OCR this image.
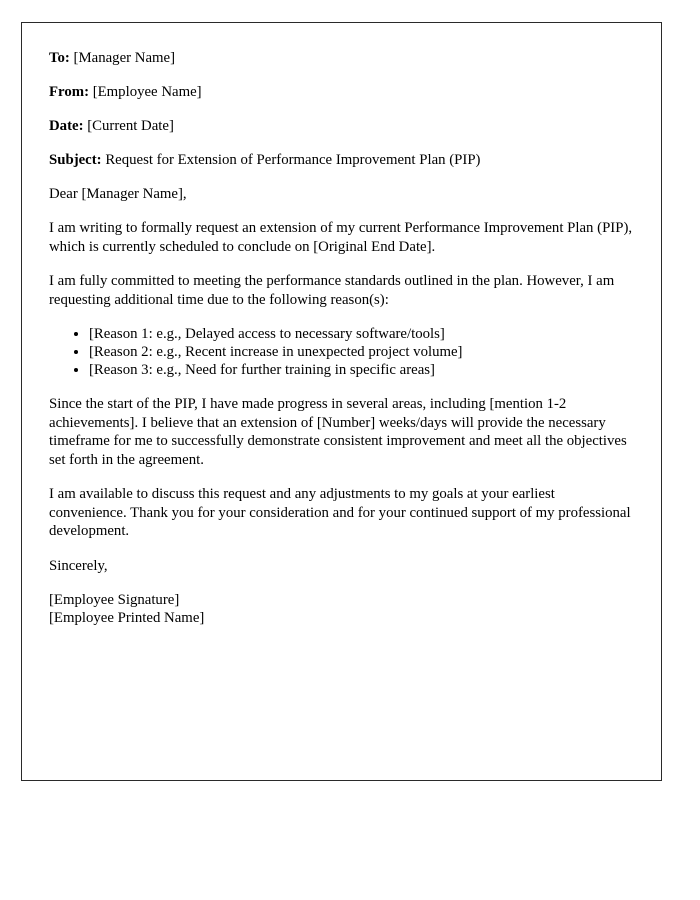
To: [Manager Name]

From: [Employee Name]

Date: [Current Date]

Subject: Request for Extension of Performance Improvement Plan (PIP)

Dear [Manager Name],

I am writing to formally request an extension of my current Performance Improvement Plan (PIP), which is currently scheduled to conclude on [Original End Date].

I am fully committed to meeting the performance standards outlined in the plan. However, I am requesting additional time due to the following reason(s):

• [Reason 1: e.g., Delayed access to necessary software/tools]
• [Reason 2: e.g., Recent increase in unexpected project volume]
• [Reason 3: e.g., Need for further training in specific areas]

Since the start of the PIP, I have made progress in several areas, including [mention 1-2 achievements]. I believe that an extension of [Number] weeks/days will provide the necessary timeframe for me to successfully demonstrate consistent improvement and meet all the objectives set forth in the agreement.

I am available to discuss this request and any adjustments to my goals at your earliest convenience. Thank you for your consideration and for your continued support of my professional development.

Sincerely,

[Employee Signature]
[Employee Printed Name]
